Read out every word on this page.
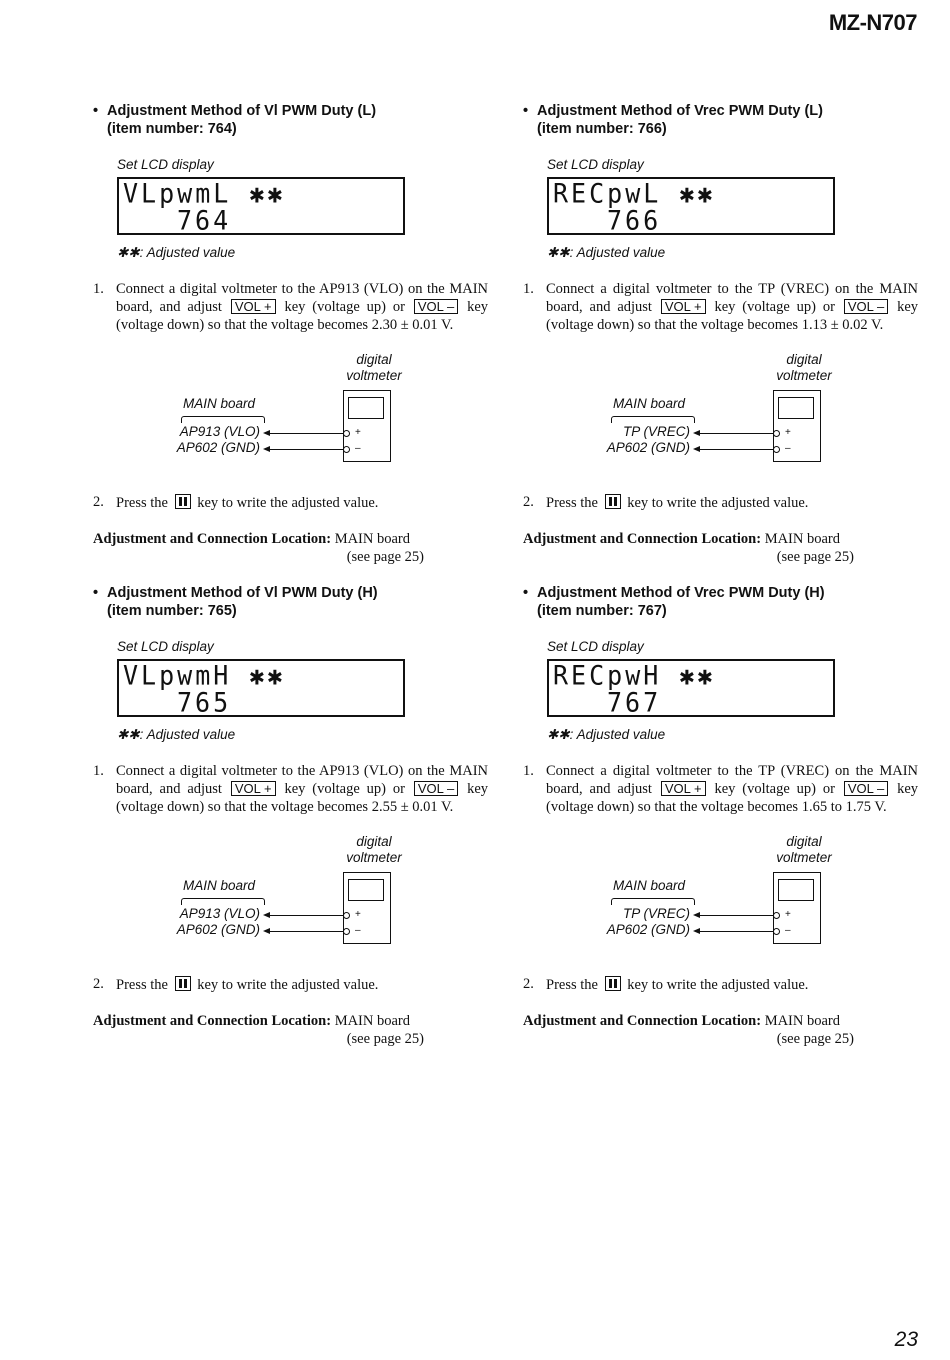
MZ-N707
• Adjustment Method of Vl PWM Duty (L)
(item number: 764)
Set LCD display
VLpwmL ✱✱
764
✱✱: Adjusted value
1. Connect a digital voltmeter to the AP913 (VLO) on the MAIN board, and adjust VOL + key (voltage up) or VOL – key (voltage down) so that the voltage becomes 2.30 ± 0.01 V.
digital
voltmeter
MAIN board
AP913 (VLO)
AP602 (GND)
+
–
2. Press the  key to write the adjusted value.
Adjustment and Connection Location: MAIN board
(see page 25)
• Adjustment Method of Vrec PWM Duty (L)
(item number: 766)
Set LCD display
RECpwL ✱✱
766
✱✱: Adjusted value
1. Connect a digital voltmeter to the TP (VREC) on the MAIN board, and adjust VOL + key (voltage up) or VOL – key (voltage down) so that the voltage becomes 1.13 ± 0.02 V.
digital
voltmeter
MAIN board
TP (VREC)
AP602 (GND)
+
–
2. Press the  key to write the adjusted value.
Adjustment and Connection Location: MAIN board
(see page 25)
• Adjustment Method of Vl PWM Duty (H)
(item number: 765)
Set LCD display
VLpwmH ✱✱
765
✱✱: Adjusted value
1. Connect a digital voltmeter to the AP913 (VLO) on the MAIN board, and adjust VOL + key (voltage up) or VOL – key (voltage down) so that the voltage becomes 2.55 ± 0.01 V.
digital
voltmeter
MAIN board
AP913 (VLO)
AP602 (GND)
+
–
2. Press the  key to write the adjusted value.
Adjustment and Connection Location: MAIN board
(see page 25)
• Adjustment Method of Vrec PWM Duty (H)
(item number: 767)
Set LCD display
RECpwH ✱✱
767
✱✱: Adjusted value
1. Connect a digital voltmeter to the TP (VREC) on the MAIN board, and adjust VOL + key (voltage up) or VOL – key (voltage down) so that the voltage becomes 1.65 to 1.75 V.
digital
voltmeter
MAIN board
TP (VREC)
AP602 (GND)
+
–
2. Press the  key to write the adjusted value.
Adjustment and Connection Location: MAIN board
(see page 25)
23
